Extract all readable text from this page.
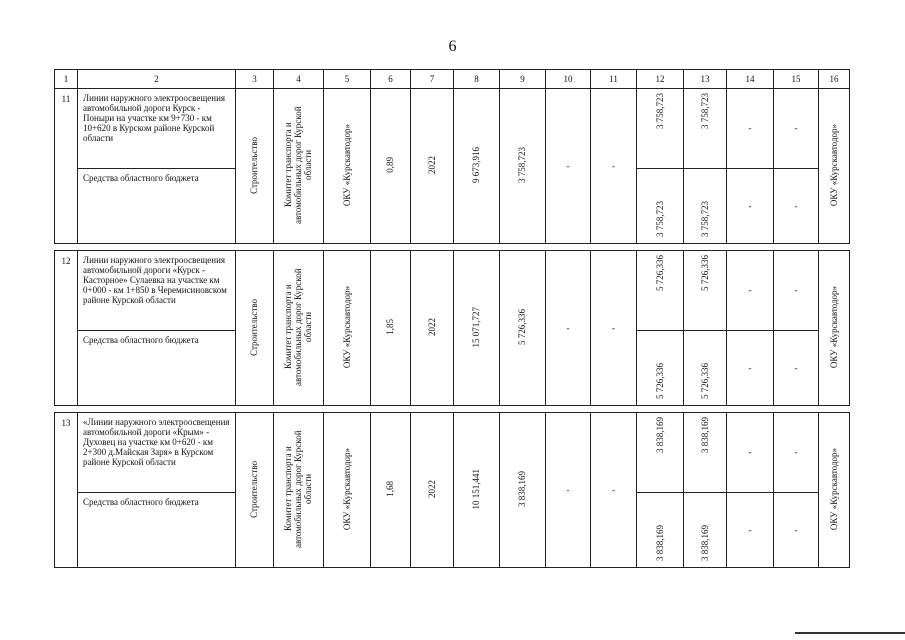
6
1	2	3	4	5	6	7	8	9	10	11	12	13	14	15	16
11	Линии наружного электроосвещения автомобильной дороги Курск - Поныри на участке км 9+730 - км 10+620 в Курском районе Курской области	Строительство	Комитет транспорта и автомобильных дорог Курской области	ОКУ «Курскавтодор»	0,89	2022	9 673,916	3 758,723	-	-	3 758,723	3 758,723	-	-	ОКУ «Курскавтодор»
	Средства областного бюджета										3 758,723	3 758,723	-	-	

12	Линии наружного электроосвещения автомобильной дороги «Курск - Касторное» Сулаевка на участке км 0+000 - км 1+850 в Черемисиновском районе Курской области	Строительство	Комитет транспорта и автомобильных дорог Курской области	ОКУ «Курскавтодор»	1,85	2022	15 071,727	5 726,336	-	-	5 726,336	5 726,336	-	-	ОКУ «Курскавтодор»
	Средства областного бюджета										5 726,336	5 726,336	-	-	

13	«Линии наружного электроосвещения автомобильной дороги «Крым» - Духовец на участке км 0+620 - км 2+300 д.Майская Заря» в Курском районе Курской области	Строительство	Комитет транспорта и автомобильных дорог Курской области	ОКУ «Курскавтодор»	1,68	2022	10 151,441	3 838,169	-	-	3 838,169	3 838,169	-	-	ОКУ «Курскавтодор»
	Средства областного бюджета										3 838,169	3 838,169	-	-	
